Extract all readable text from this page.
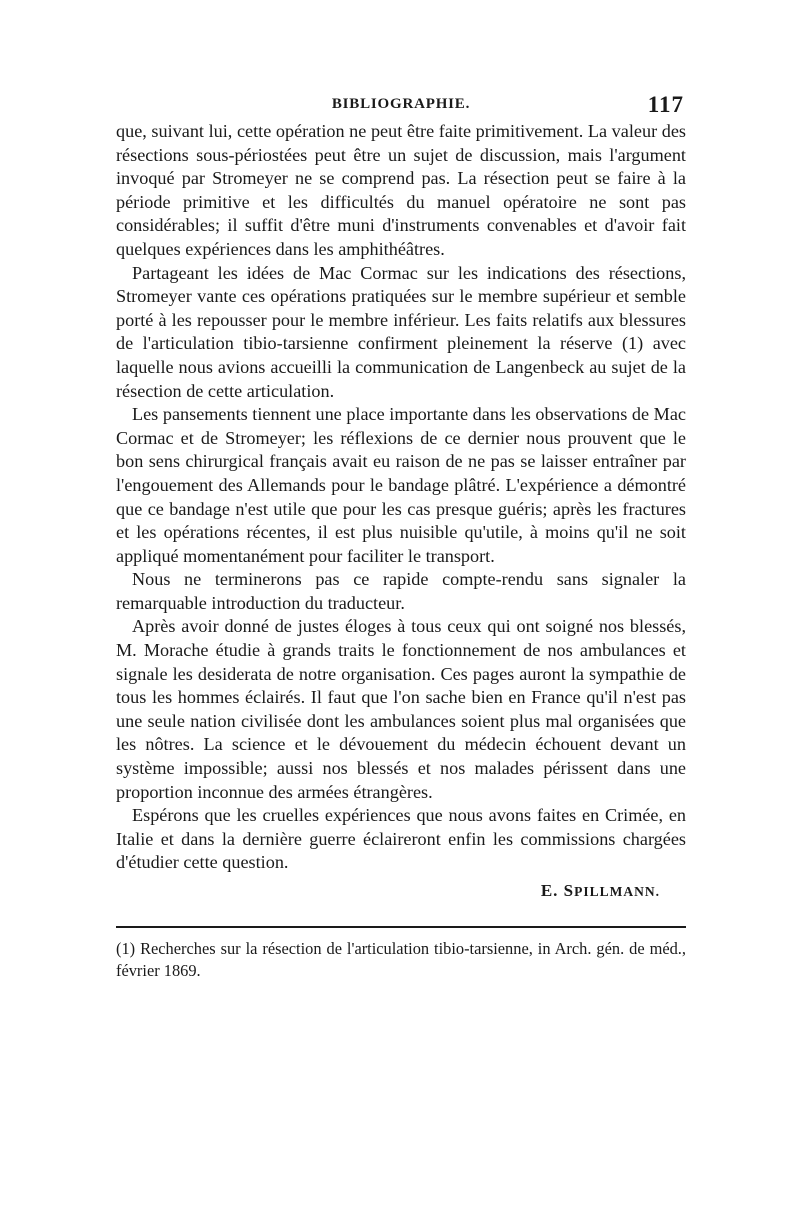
BIBLIOGRAPHIE.	117

que, suivant lui, cette opération ne peut être faite primitivement. La valeur des résections sous-périostées peut être un sujet de discussion, mais l'argument invoqué par Stromeyer ne se comprend pas. La résection peut se faire à la période primitive et les difficultés du manuel opératoire ne sont pas considérables; il suffit d'être muni d'instruments convenables et d'avoir fait quelques expériences dans les amphithéâtres.

Partageant les idées de Mac Cormac sur les indications des résections, Stromeyer vante ces opérations pratiquées sur le membre supérieur et semble porté à les repousser pour le membre inférieur. Les faits relatifs aux blessures de l'articulation tibio-tarsienne confirment pleinement la réserve (1) avec laquelle nous avions accueilli la communication de Langenbeck au sujet de la résection de cette articulation.

Les pansements tiennent une place importante dans les observations de Mac Cormac et de Stromeyer; les réflexions de ce dernier nous prouvent que le bon sens chirurgical français avait eu raison de ne pas se laisser entraîner par l'engouement des Allemands pour le bandage plâtré. L'expérience a démontré que ce bandage n'est utile que pour les cas presque guéris; après les fractures et les opérations récentes, il est plus nuisible qu'utile, à moins qu'il ne soit appliqué momentanément pour faciliter le transport.

Nous ne terminerons pas ce rapide compte-rendu sans signaler la remarquable introduction du traducteur.

Après avoir donné de justes éloges à tous ceux qui ont soigné nos blessés, M. Morache étudie à grands traits le fonctionnement de nos ambulances et signale les desiderata de notre organisation. Ces pages auront la sympathie de tous les hommes éclairés. Il faut que l'on sache bien en France qu'il n'est pas une seule nation civilisée dont les ambulances soient plus mal organisées que les nôtres. La science et le dévouement du médecin échouent devant un système impossible; aussi nos blessés et nos malades périssent dans une proportion inconnue des armées étrangères.

Espérons que les cruelles expériences que nous avons faites en Crimée, en Italie et dans la dernière guerre éclaireront enfin les commissions chargées d'étudier cette question.

E. SPILLMANN.
(1) Recherches sur la résection de l'articulation tibio-tarsienne, in Arch. gén. de méd., février 1869.
